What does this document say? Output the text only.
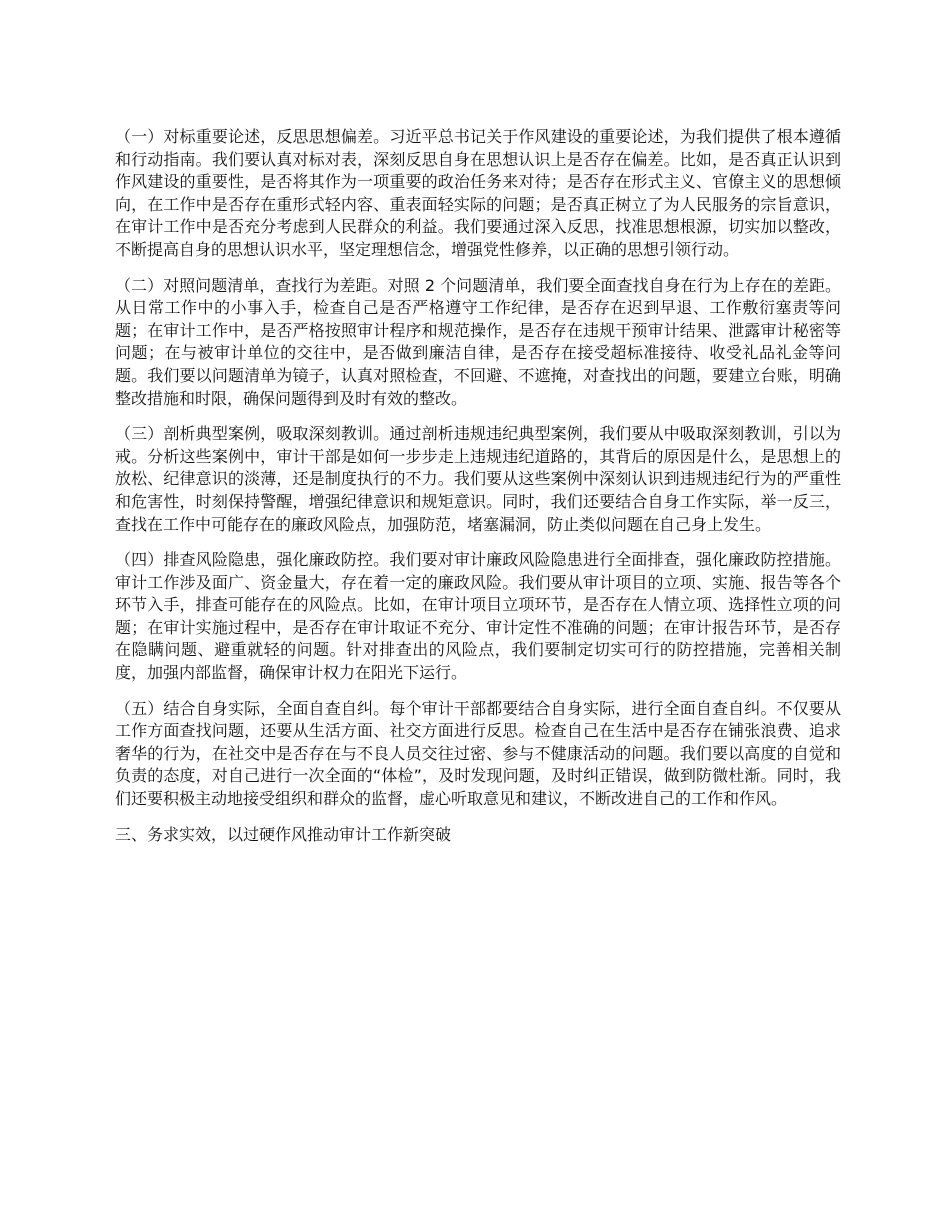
（一）对标重要论述，反思思想偏差。习近平总书记关于作风建设的重要论述，为我们提供了根本遵循和行动指南。我们要认真对标对表，深刻反思自身在思想认识上是否存在偏差。比如，是否真正认识到作风建设的重要性，是否将其作为一项重要的政治任务来对待；是否存在形式主义、官僚主义的思想倾向，在工作中是否存在重形式轻内容、重表面轻实际的问题；是否真正树立了为人民服务的宗旨意识，在审计工作中是否充分考虑到人民群众的利益。我们要通过深入反思，找准思想根源，切实加以整改，不断提高自身的思想认识水平，坚定理想信念，增强党性修养，以正确的思想引领行动。

（二）对照问题清单，查找行为差距。对照 2 个问题清单，我们要全面查找自身在行为上存在的差距。从日常工作中的小事入手，检查自己是否严格遵守工作纪律，是否存在迟到早退、工作敷衍塞责等问题；在审计工作中，是否严格按照审计程序和规范操作，是否存在违规干预审计结果、泄露审计秘密等问题；在与被审计单位的交往中，是否做到廉洁自律，是否存在接受超标准接待、收受礼品礼金等问题。我们要以问题清单为镜子，认真对照检查，不回避、不遮掩，对查找出的问题，要建立台账，明确整改措施和时限，确保问题得到及时有效的整改。

（三）剖析典型案例，吸取深刻教训。通过剖析违规违纪典型案例，我们要从中吸取深刻教训，引以为戒。分析这些案例中，审计干部是如何一步步走上违规违纪道路的，其背后的原因是什么，是思想上的放松、纪律意识的淡薄，还是制度执行的不力。我们要从这些案例中深刻认识到违规违纪行为的严重性和危害性，时刻保持警醒，增强纪律意识和规矩意识。同时，我们还要结合自身工作实际，举一反三，查找在工作中可能存在的廉政风险点，加强防范，堵塞漏洞，防止类似问题在自己身上发生。

（四）排查风险隐患，强化廉政防控。我们要对审计廉政风险隐患进行全面排查，强化廉政防控措施。审计工作涉及面广、资金量大，存在着一定的廉政风险。我们要从审计项目的立项、实施、报告等各个环节入手，排查可能存在的风险点。比如，在审计项目立项环节，是否存在人情立项、选择性立项的问题；在审计实施过程中，是否存在审计取证不充分、审计定性不准确的问题；在审计报告环节，是否存在隐瞒问题、避重就轻的问题。针对排查出的风险点，我们要制定切实可行的防控措施，完善相关制度，加强内部监督，确保审计权力在阳光下运行。

（五）结合自身实际，全面自查自纠。每个审计干部都要结合自身实际，进行全面自查自纠。不仅要从工作方面查找问题，还要从生活方面、社交方面进行反思。检查自己在生活中是否存在铺张浪费、追求奢华的行为，在社交中是否存在与不良人员交往过密、参与不健康活动的问题。我们要以高度的自觉和负责的态度，对自己进行一次全面的“体检”，及时发现问题，及时纠正错误，做到防微杜渐。同时，我们还要积极主动地接受组织和群众的监督，虚心听取意见和建议，不断改进自己的工作和作风。

三、务求实效，以过硬作风推动审计工作新突破
